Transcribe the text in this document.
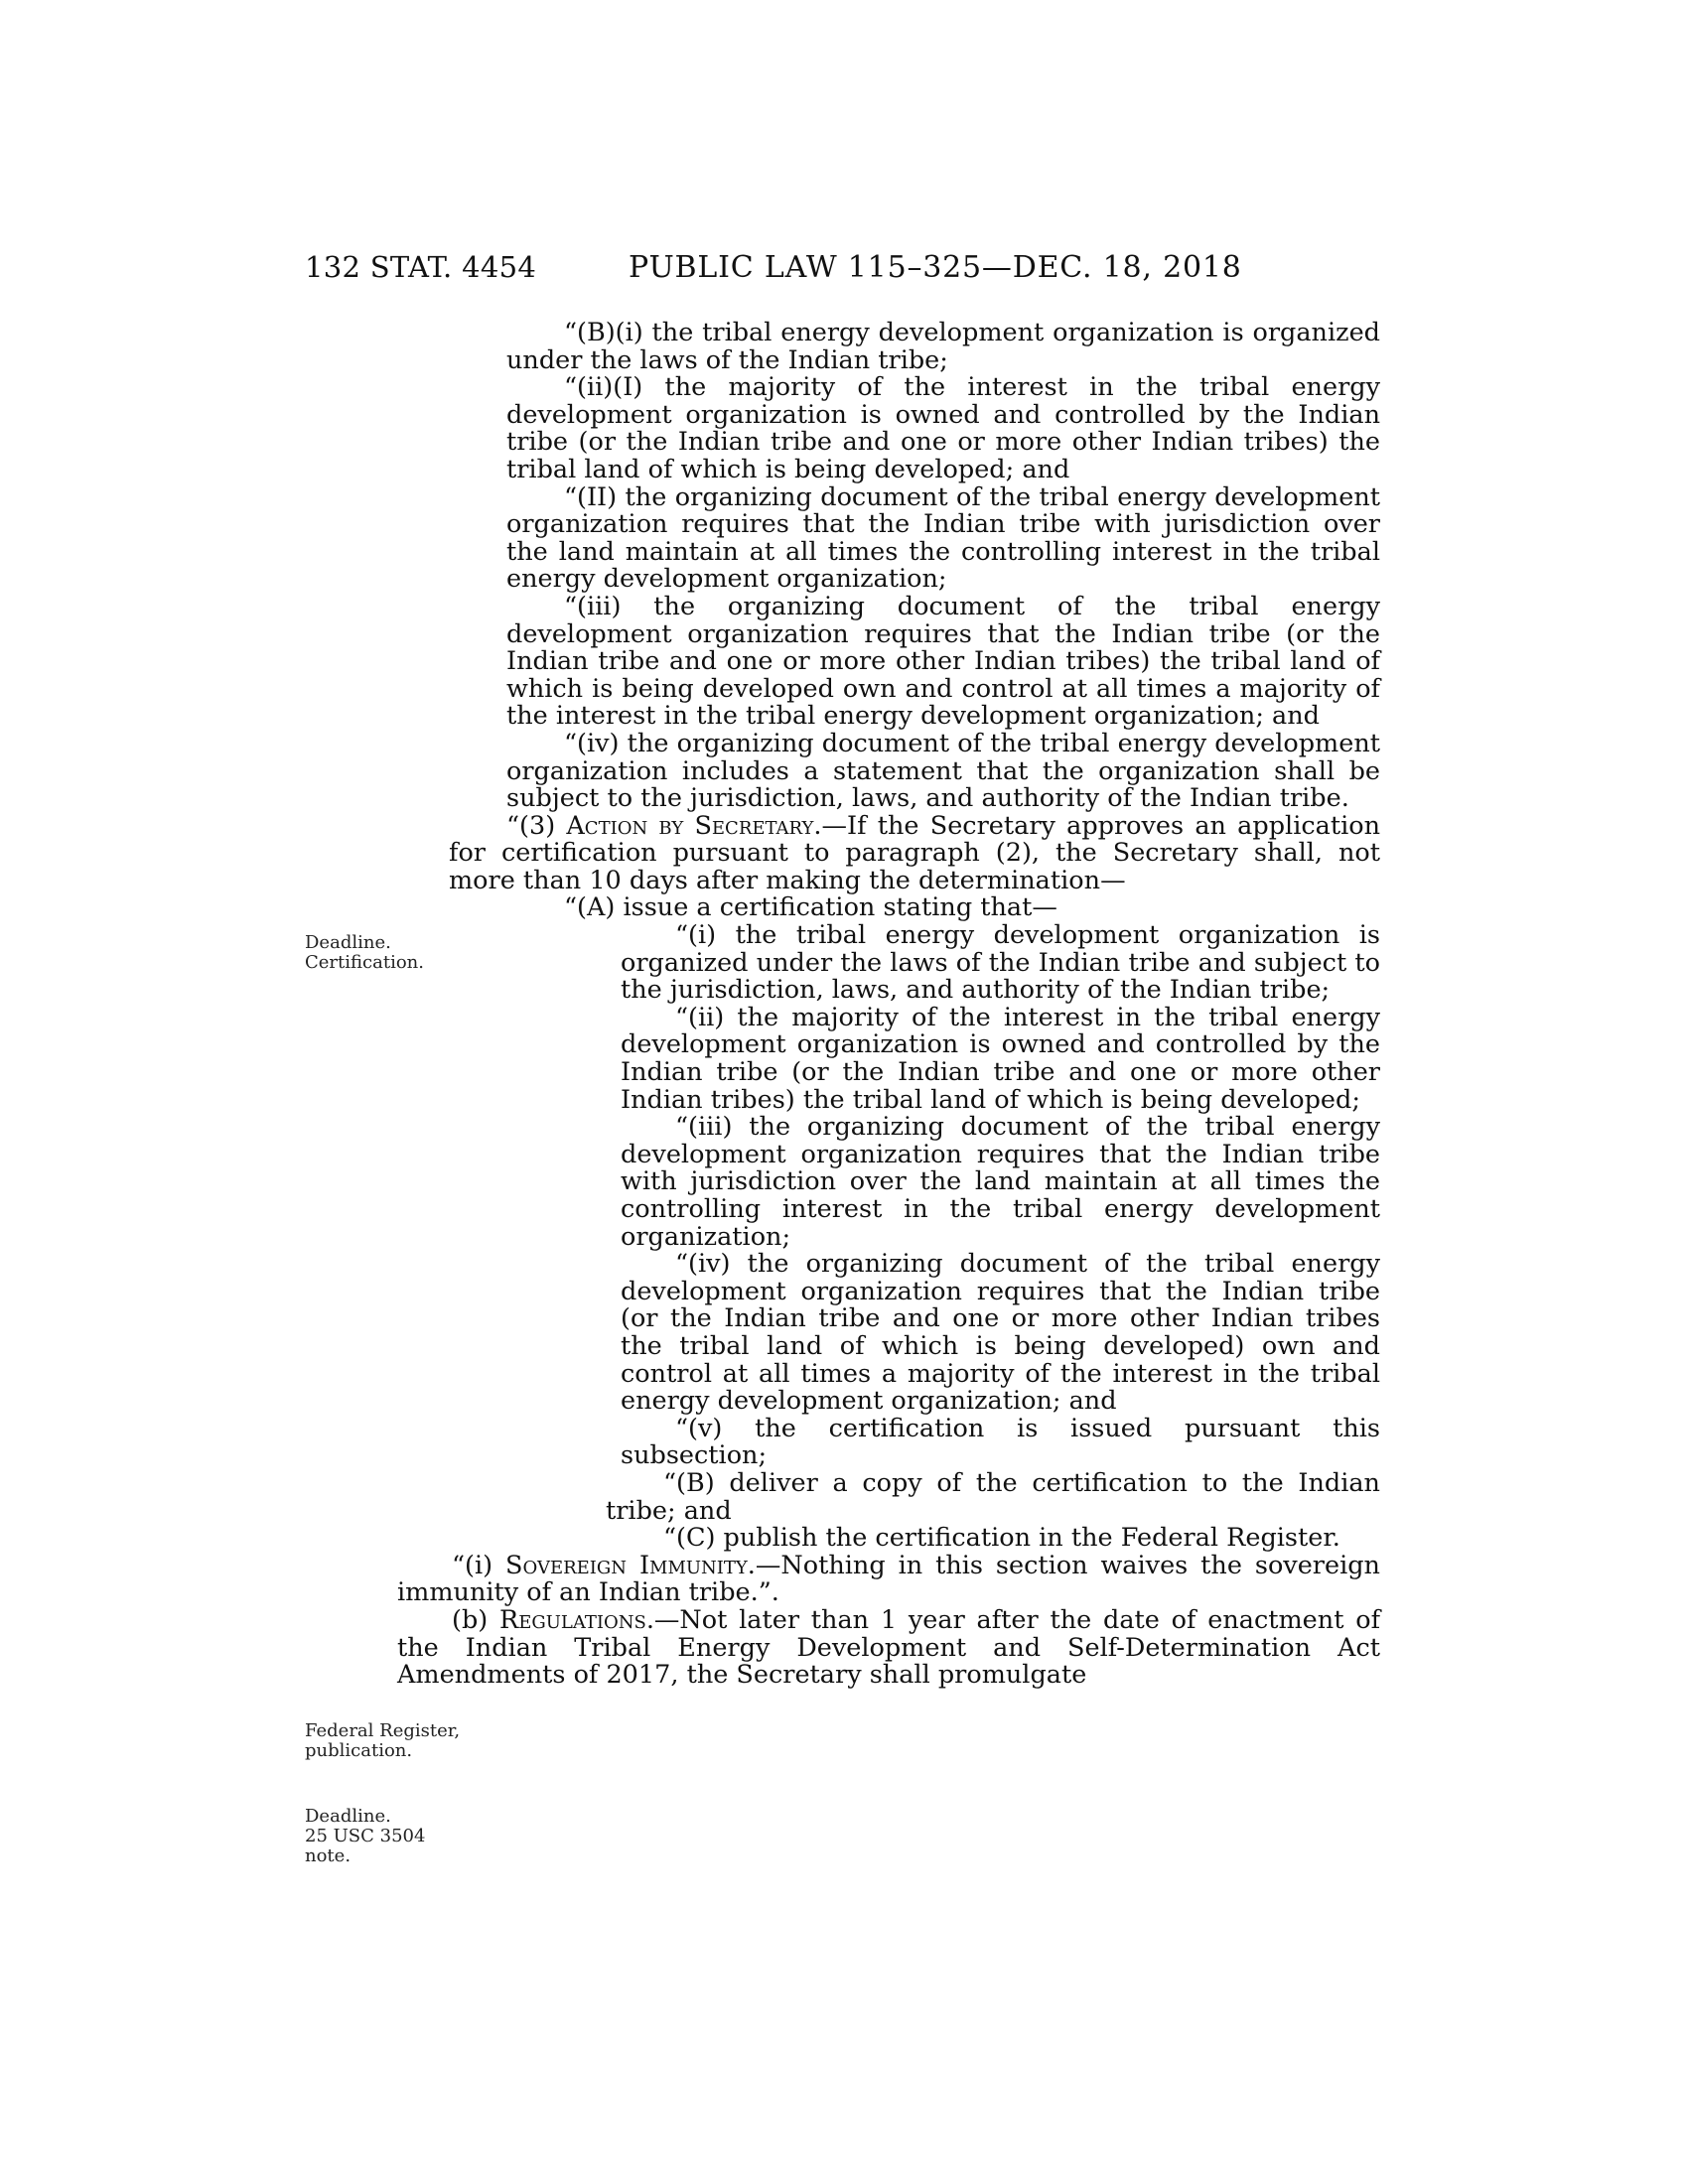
132 STAT. 4454	PUBLIC LAW 115–325—DEC. 18, 2018
Deadline.
Certification.
Federal Register,
publication.
Deadline.
25 USC 3504
note.

“(B)(i) the tribal energy development organization is organized under the laws of the Indian tribe;

“(ii)(I) the majority of the interest in the tribal energy development organization is owned and controlled by the Indian tribe (or the Indian tribe and one or more other Indian tribes) the tribal land of which is being developed; and

“(II) the organizing document of the tribal energy development organization requires that the Indian tribe with jurisdiction over the land maintain at all times the controlling interest in the tribal energy development organization;

“(iii) the organizing document of the tribal energy development organization requires that the Indian tribe (or the Indian tribe and one or more other Indian tribes) the tribal land of which is being developed own and control at all times a majority of the interest in the tribal energy development organization; and

“(iv) the organizing document of the tribal energy development organization includes a statement that the organization shall be subject to the jurisdiction, laws, and authority of the Indian tribe.

“(3) Action by Secretary.—If the Secretary approves an application for certification pursuant to paragraph (2), the Secretary shall, not more than 10 days after making the determination—

“(A) issue a certification stating that—

“(i) the tribal energy development organization is organized under the laws of the Indian tribe and subject to the jurisdiction, laws, and authority of the Indian tribe;

“(ii) the majority of the interest in the tribal energy development organization is owned and controlled by the Indian tribe (or the Indian tribe and one or more other Indian tribes) the tribal land of which is being developed;

“(iii) the organizing document of the tribal energy development organization requires that the Indian tribe with jurisdiction over the land maintain at all times the controlling interest in the tribal energy development organization;

“(iv) the organizing document of the tribal energy development organization requires that the Indian tribe (or the Indian tribe and one or more other Indian tribes the tribal land of which is being developed) own and control at all times a majority of the interest in the tribal energy development organization; and

“(v) the certification is issued pursuant this subsection;

“(B) deliver a copy of the certification to the Indian tribe; and

“(C) publish the certification in the Federal Register.

“(i) Sovereign Immunity.—Nothing in this section waives the sovereign immunity of an Indian tribe.”.

(b) Regulations.—Not later than 1 year after the date of enactment of the Indian Tribal Energy Development and Self-Determination Act Amendments of 2017, the Secretary shall promulgate
